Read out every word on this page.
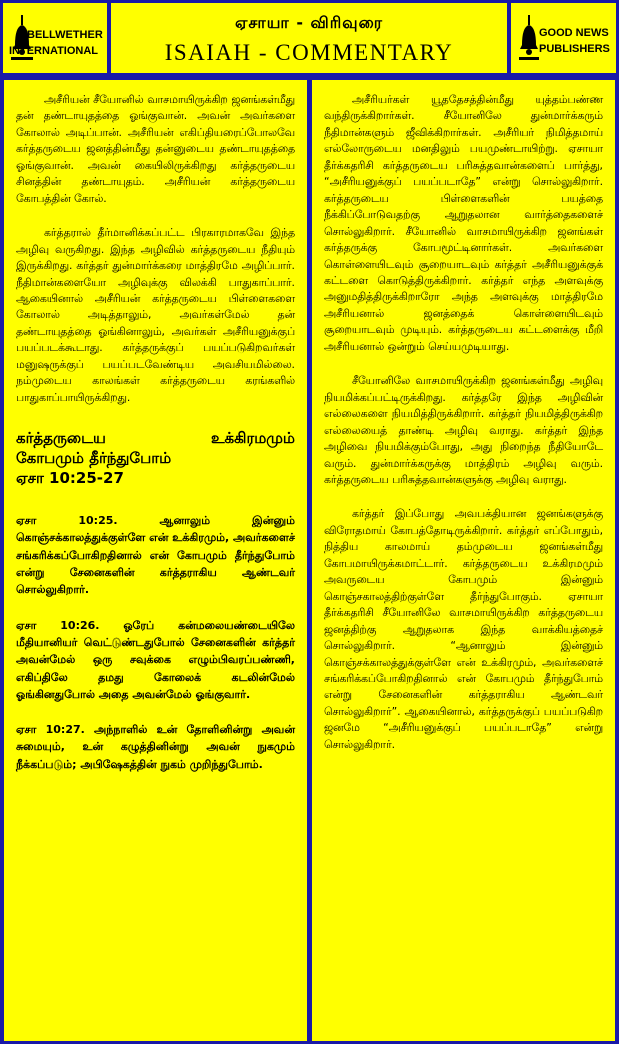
BELLWETHER
INTERNATIONAL
ஏசாயா - விரிவுரை
ISAIAH - COMMENTARY
GOOD NEWS
PUBLISHERS

அசீரியன் சீயோனில் வாசமாயிருக்கிற ஜனங்கள்மீது தன் தண்டாயுதத்தை ஓங்குவான். அவன் அவர்களை கோலால் அடிப்பான். அசீரியன் எகிப்தியரைப்போலவே கர்த்தருடைய ஜனத்தின்மீது தன்னுடைய தண்டாயுதத்தை ஓங்குவான். அவன் கையிலிருக்கிறது கர்த்தருடைய சினத்தின் தண்டாயுதம். அசீரியன் கர்த்தருடைய கோபத்தின் கோல்.

கர்த்தரால் தீர்மானிக்கப்பட்ட பிரகாரமாகவே இந்த அழிவு வருகிறது. இந்த அழிவில் கர்த்தருடைய நீதியும் இருக்கிறது. கர்த்தர் துன்மார்க்கரை மாத்திரமே அழிப்பார். நீதிமான்களையோ அழிவுக்கு விலக்கி பாதுகாப்பார். ஆகையினால் அசீரியன் கர்த்தருடைய பிள்ளைகளை கோலால் அடித்தாலும், அவர்கள்மேல் தன் தண்டாயுதத்தை ஓங்கினாலும், அவர்கள் அசீரியனுக்குப் பயப்படக்கூடாது. கர்த்தருக்குப் பயப்படுகிறவர்கள் மனுஷருக்குப் பயப்படவேண்டிய அவசியமில்லை. நம்முடைய காலங்கள் கர்த்தருடைய கரங்களில் பாதுகாப்பாயிருக்கிறது.

கர்த்தருடைய உக்கிரமமும்

கோபமும் தீர்ந்துபோம்

ஏசா 10:25-27

ஏசா 10:25. ஆனாலும் இன்னும் கொஞ்சக்காலத்துக்குள்ளே என் உக்கிரமும், அவர்களைச் சங்கரிக்கப்போகிறதினால் என் கோபமும் தீர்ந்துபோம் என்று சேனைகளின் கர்த்தராகிய ஆண்டவர் சொல்லுகிறார்.

ஏசா 10:26. ஓரேப் கன்மலையண்டையிலே மீதியானியர் வெட்டுண்டதுபோல் சேனைகளின் கர்த்தர் அவன்மேல் ஒரு சவுக்கை எழும்பிவரப்பண்ணி, எகிப்திலே தமது கோலைக் கடலின்மேல் ஓங்கினதுபோல் அதை அவன்மேல் ஓங்குவார்.

ஏசா 10:27. அந்நாளில் உன் தோளினின்று அவன் சுமையும், உன் கழுத்தினின்று அவன் நுகமும் நீக்கப்படும்; அபிஷேகத்தின் நுகம் முறிந்துபோம்.

அசீரியர்கள் யூததேசத்தின்மீது யுத்தம்பண்ண வந்திருக்கிறார்கள். சீயோனிலே துன்மார்க்கரும் நீதிமான்களும் ஜீவிக்கிறார்கள். அசீரியர் நிமித்தமாய் எல்லோருடைய மனதிலும் பயமுண்டாயிற்று. ஏசாயா தீர்க்கதரிசி கர்த்தருடைய பரிசுத்தவான்களைப் பார்த்து, “அசீரியனுக்குப் பயப்படாதே” என்று சொல்லுகிறார். கர்த்தருடைய பிள்ளைகளின் பயத்தை நீக்கிப்போடுவதற்கு ஆறுதலான வார்த்தைகளைச் சொல்லுகிறார். சீயோனில் வாசமாயிருக்கிற ஜனங்கள் கர்த்தருக்கு கோபமூட்டினார்கள். அவர்களை கொள்ளையிடவும் சூறையாடவும் கர்த்தர் அசீரியனுக்குக் கட்டளை கொடுத்திருக்கிறார். கர்த்தர் எந்த அளவுக்கு அனுமதித்திருக்கிறாரோ அந்த அளவுக்கு மாத்திரமே அசீரியனால் ஜனத்தைக் கொள்ளையிடவும் சூறையாடவும் முடியும். கர்த்தருடைய கட்டளைக்கு மீறி அசீரியனால் ஒன்றும் செய்யமுடியாது.

சீயோனிலே வாசமாயிருக்கிற ஜனங்கள்மீது அழிவு நியமிக்கப்பட்டிருக்கிறது. கர்த்தரே இந்த அழிவின் எல்லைகளை நியமித்திருக்கிறார். கர்த்தர் நியமித்திருக்கிற எல்லையைத் தாண்டி அழிவு வராது. கர்த்தர் இந்த அழிவை நியமிக்கும்போது, அது நிறைந்த நீதியோடே வரும். துன்மார்க்கருக்கு மாத்திரம் அழிவு வரும். கர்த்தருடைய பரிசுத்தவான்களுக்கு அழிவு வராது.

கர்த்தர் இப்போது அவபக்தியான ஜனங்களுக்கு விரோதமாய் கோபத்தோடிருக்கிறார். கர்த்தர் எப்போதும், நித்திய காலமாய் தம்முடைய ஜனங்கள்மீது கோபமாயிருக்கமாட்டார். கர்த்தருடைய உக்கிரமமும் அவருடைய கோபமும் இன்னும் கொஞ்சகாலத்திற்குள்ளே தீர்ந்துபோகும். ஏசாயா தீர்க்கதரிசி சீயோனிலே வாசமாயிருக்கிற கர்த்தருடைய ஜனத்திற்கு ஆறுதலாக இந்த வாக்கியத்தைச் சொல்லுகிறார். “ஆனாலும் இன்னும் கொஞ்சக்காலத்துக்குள்ளே என் உக்கிரமும், அவர்களைச் சங்கரிக்கப்போகிறதினால் என் கோபமும் தீர்ந்துபோம் என்று சேனைகளின் கர்த்தராகிய ஆண்டவர் சொல்லுகிறார்”. ஆகையினால், கர்த்தருக்குப் பயப்படுகிற ஜனமே “அசீரியனுக்குப் பயப்படாதே” என்று சொல்லுகிறார்.
